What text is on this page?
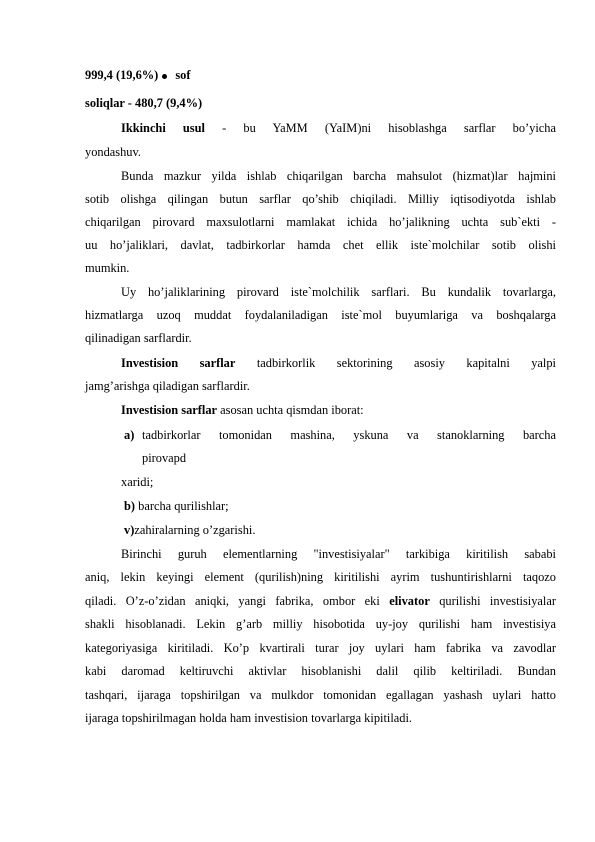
999,4 (19,6%) sof
soliqlar - 480,7 (9,4%)
Ikkinchi usul - bu YaMM (YaIM)ni hisoblashga sarflar bo’yicha
yondashuv.
Bunda mazkur yilda ishlab chiqarilgan barcha mahsulot (hizmat)lar hajmini
sotib olishga qilingan butun sarflar qo’shib chiqiladi. Milliy iqtisodiyotda ishlab
chiqarilgan pirovard maxsulotlarni mamlakat ichida ho’jalikning uchta sub`ekti -
uu ho’jaliklari, davlat, tadbirkorlar hamda chet ellik iste`molchilar sotib olishi
mumkin.
Uy ho’jaliklarining pirovard iste`molchilik sarflari. Bu kundalik tovarlarga,
hizmatlarga uzoq muddat foydalaniladigan iste`mol buyumlariga va boshqalarga
qilinadigan sarflardir.
Investision sarflar tadbirkorlik sektorining asosiy kapitalni yalpi
jamg’arishga qiladigan sarflardir.
Investision sarflar asosan uchta qismdan iborat:
a) tadbirkorlar tomonidan mashina, yskuna va stanoklarning barcha
pirovapd
xaridi;
b) barcha qurilishlar;
v)zahiralarning o’zgarishi.
Birinchi guruh elementlarning "investisiyalar" tarkibiga kiritilish sababi
aniq, lekin keyingi element (qurilish)ning kiritilishi ayrim tushuntirishlarni taqozo
qiladi. O’z-o’zidan aniqki, yangi fabrika, ombor eki elivator qurilishi investisiyalar
shakli hisoblanadi. Lekin g’arb milliy hisobotida uy-joy qurilishi ham investisiya
kategoriyasiga kiritiladi. Ko’p kvartirali turar joy uylari ham fabrika va zavodlar
kabi daromad keltiruvchi aktivlar hisoblanishi dalil qilib keltiriladi. Bundan
tashqari, ijaraga topshirilgan va mulkdor tomonidan egallagan yashash uylari hatto
ijaraga topshirilmagan holda ham investision tovarlarga kipitiladi.
